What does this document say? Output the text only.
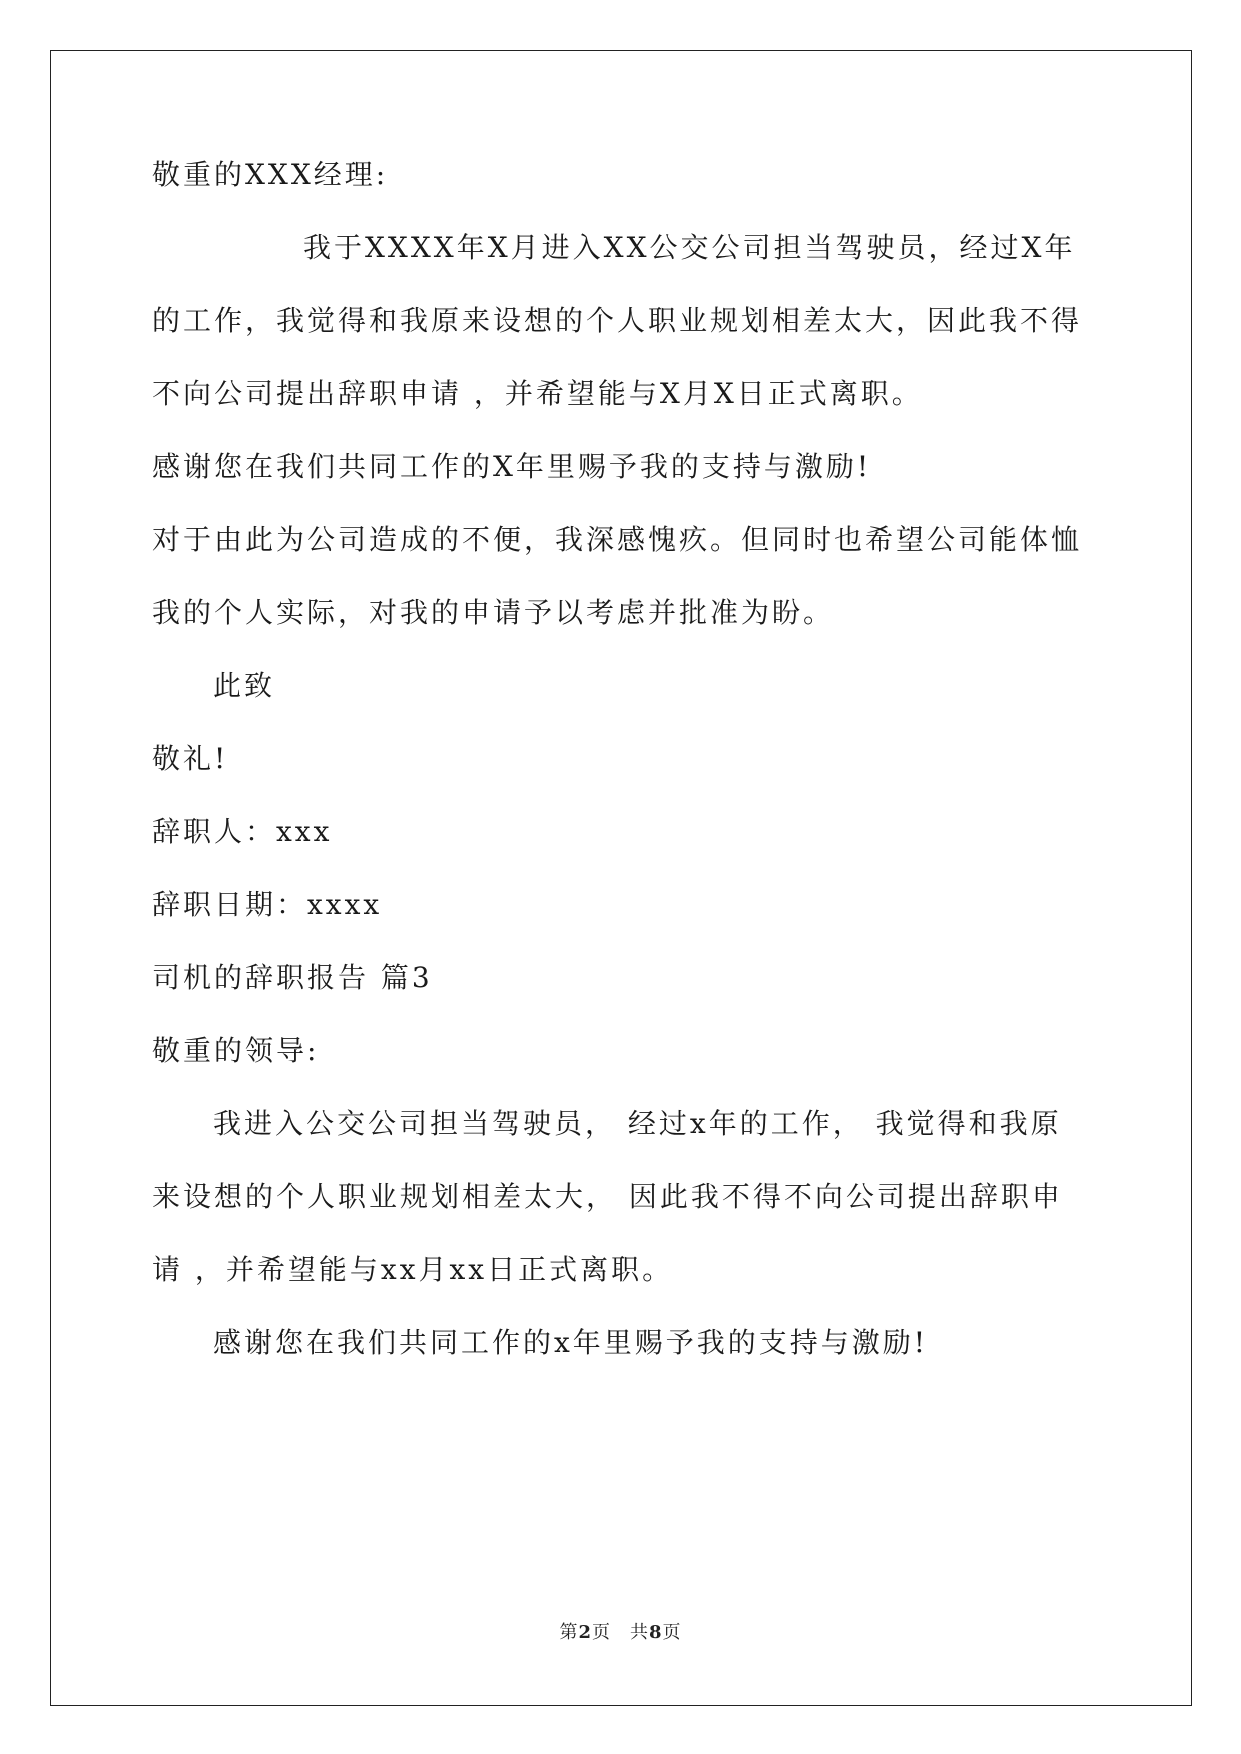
敬重的XXX经理:
我于XXXX年X月进入XX公交公司担当驾驶员，经过X年
的工作，我觉得和我原来设想的个人职业规划相差太大，因此我不得
不向公司提出辞职申请 ，并希望能与X月X日正式离职。
感谢您在我们共同工作的X年里赐予我的支持与激励!
对于由此为公司造成的不便，我深感愧疚。但同时也希望公司能体恤
我的个人实际，对我的申请予以考虑并批准为盼。
此致
敬礼!
辞职人：xxx
辞职日期：xxxx
司机的辞职报告 篇3
敬重的领导:
我进入公交公司担当驾驶员， 经过x年的工作， 我觉得和我原
来设想的个人职业规划相差太大， 因此我不得不向公司提出辞职申
请 ，并希望能与xx月xx日正式离职。
感谢您在我们共同工作的x年里赐予我的支持与激励!
第2页　共8页
